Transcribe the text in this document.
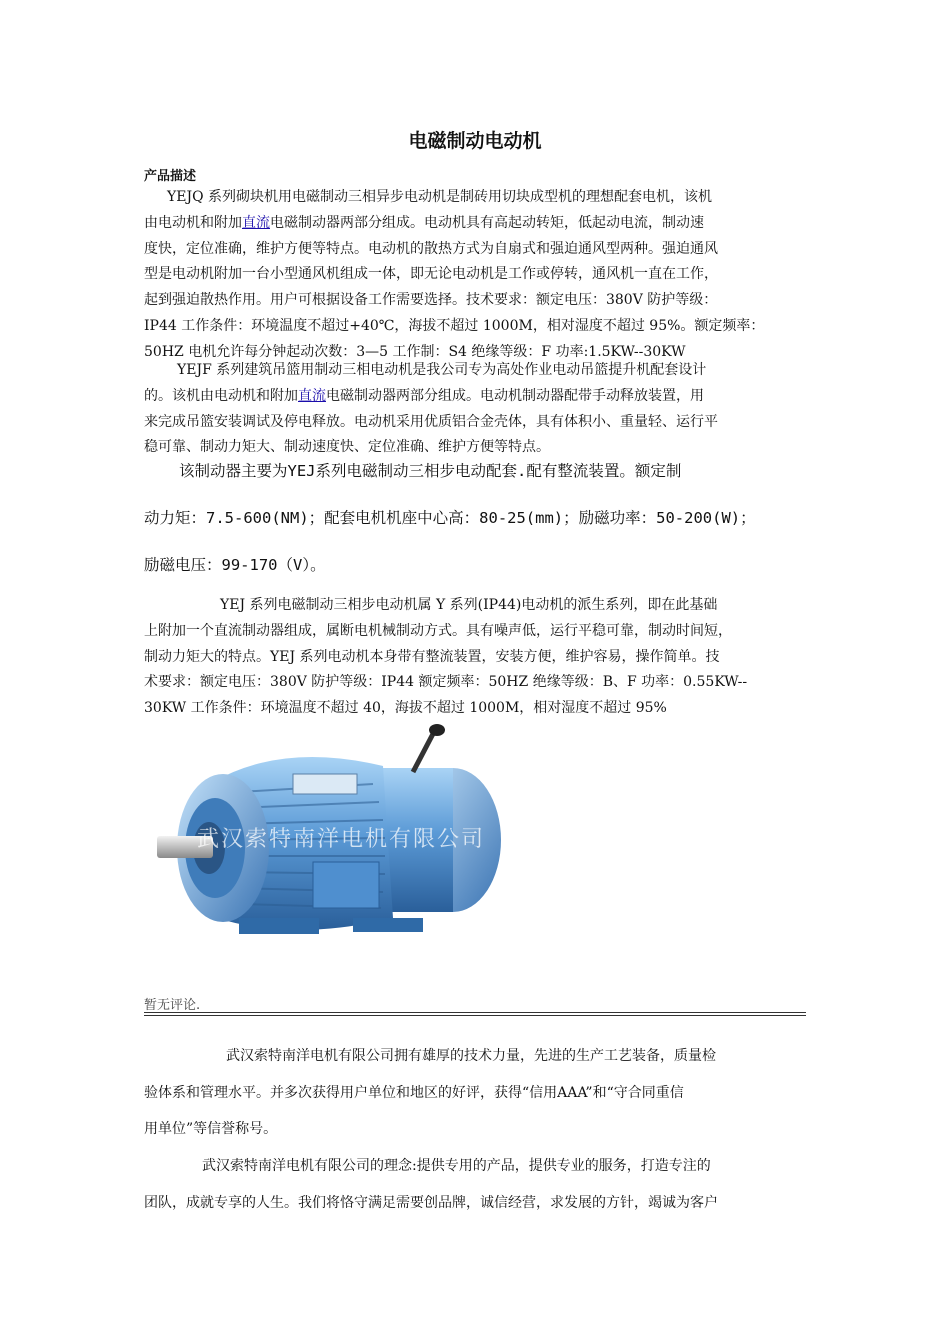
电磁制动电动机
产品描述

YEJQ 系列砌块机用电磁制动三相异步电动机是制砖用切块成型机的理想配套电机，该机
由电动机和附加直流电磁制动器两部分组成。电动机具有高起动转矩，低起动电流，制动速
度快，定位准确，维护方便等特点。电动机的散热方式为自扇式和强迫通风型两种。强迫通风
型是电动机附加一台小型通风机组成一体，即无论电动机是工作或停转，通风机一直在工作，
起到强迫散热作用。用户可根据设备工作需要选择。技术要求：额定电压：380V 防护等级：
IP44 工作条件：环境温度不超过+40℃，海拔不超过 1000M，相对湿度不超过 95%。额定频率：
50HZ 电机允许每分钟起动次数：3—5 工作制：S4 绝缘等级：F 功率:1.5KW--30KW

YEJF 系列建筑吊篮用制动三相电动机是我公司专为高处作业电动吊篮提升机配套设计
的。该机由电动机和附加直流电磁制动器两部分组成。电动机制动器配带手动释放装置，用
来完成吊篮安装调试及停电释放。电动机采用优质铝合金壳体，具有体积小、重量轻、运行平
稳可靠、制动力矩大、制动速度快、定位准确、维护方便等特点。

该制动器主要为YEJ系列电磁制动三相步电动配套.配有整流装置。额定制
动力矩：7.5-600(NM)；配套电机机座中心高：80-25(mm)；励磁功率：50-200(W)；
励磁电压：99-170（V）。

YEJ 系列电磁制动三相步电动机属 Y 系列(IP44)电动机的派生系列，即在此基础
上附加一个直流制动器组成，属断电机械制动方式。具有噪声低，运行平稳可靠，制动时间短，
制动力矩大的特点。YEJ 系列电动机本身带有整流装置，安装方便，维护容易，操作简单。技
术要求：额定电压：380V 防护等级：IP44 额定频率：50HZ 绝缘等级：B、F 功率：0.55KW--
30KW 工作条件：环境温度不超过 40，海拔不超过 1000M，相对湿度不超过 95%

武汉索特南洋电机有限公司
暂无评论.

武汉索特南洋电机有限公司拥有雄厚的技术力量，先进的生产工艺装备，质量检
验体系和管理水平。并多次获得用户单位和地区的好评，获得“信用AAA”和“守合同重信
用单位”等信誉称号。

武汉索特南洋电机有限公司的理念:提供专用的产品，提供专业的服务，打造专注的
团队，成就专享的人生。我们将恪守满足需要创品牌，诚信经营，求发展的方针，竭诚为客户
